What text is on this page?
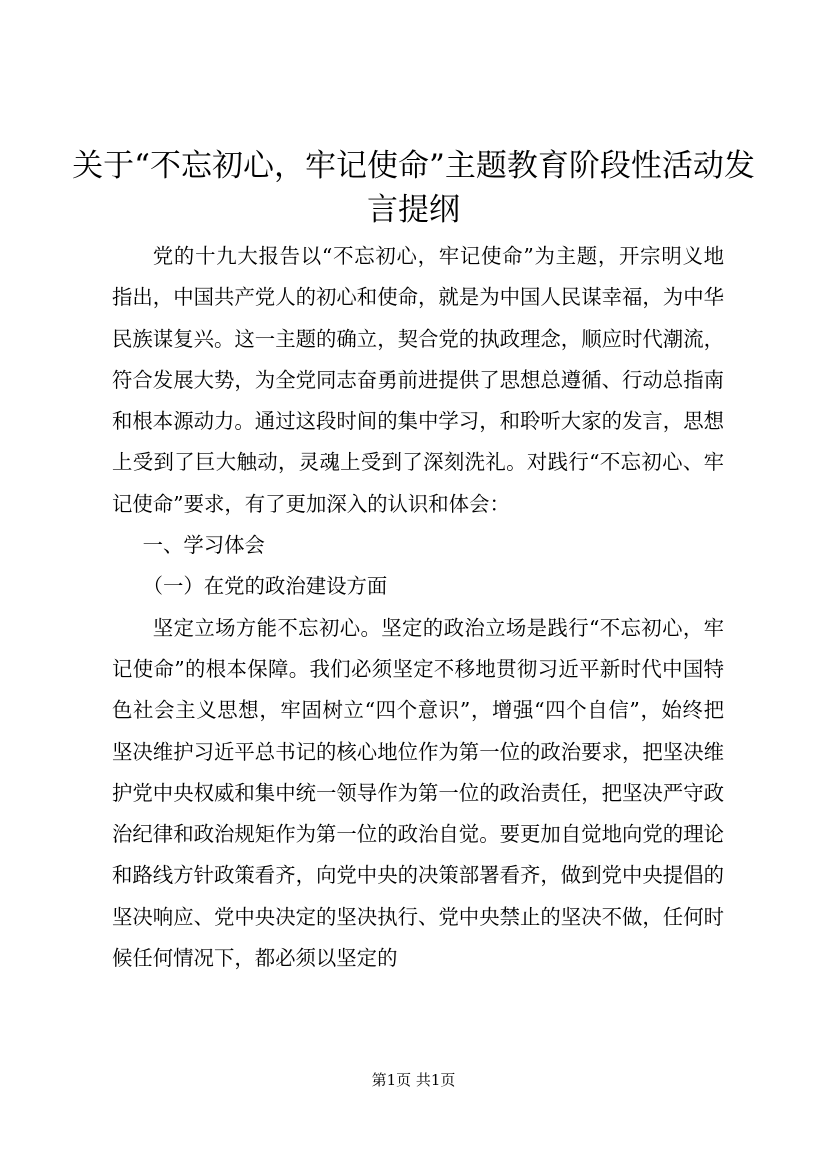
关于“不忘初心，牢记使命”主题教育阶段性活动发言提纲

党的十九大报告以“不忘初心，牢记使命”为主题，开宗明义地指出，中国共产党人的初心和使命，就是为中国人民谋幸福，为中华民族谋复兴。这一主题的确立，契合党的执政理念，顺应时代潮流，符合发展大势，为全党同志奋勇前进提供了思想总遵循、行动总指南和根本源动力。通过这段时间的集中学习，和聆听大家的发言，思想上受到了巨大触动，灵魂上受到了深刻洗礼。对践行“不忘初心、牢记使命”要求，有了更加深入的认识和体会：

一、学习体会

（一）在党的政治建设方面

坚定立场方能不忘初心。坚定的政治立场是践行“不忘初心，牢记使命”的根本保障。我们必须坚定不移地贯彻习近平新时代中国特色社会主义思想，牢固树立“四个意识”，增强“四个自信”，始终把坚决维护习近平总书记的核心地位作为第一位的政治要求，把坚决维护党中央权威和集中统一领导作为第一位的政治责任，把坚决严守政治纪律和政治规矩作为第一位的政治自觉。要更加自觉地向党的理论和路线方针政策看齐，向党中央的决策部署看齐，做到党中央提倡的坚决响应、党中央决定的坚决执行、党中央禁止的坚决不做，任何时候任何情况下，都必须以坚定的

第1页 共1页
